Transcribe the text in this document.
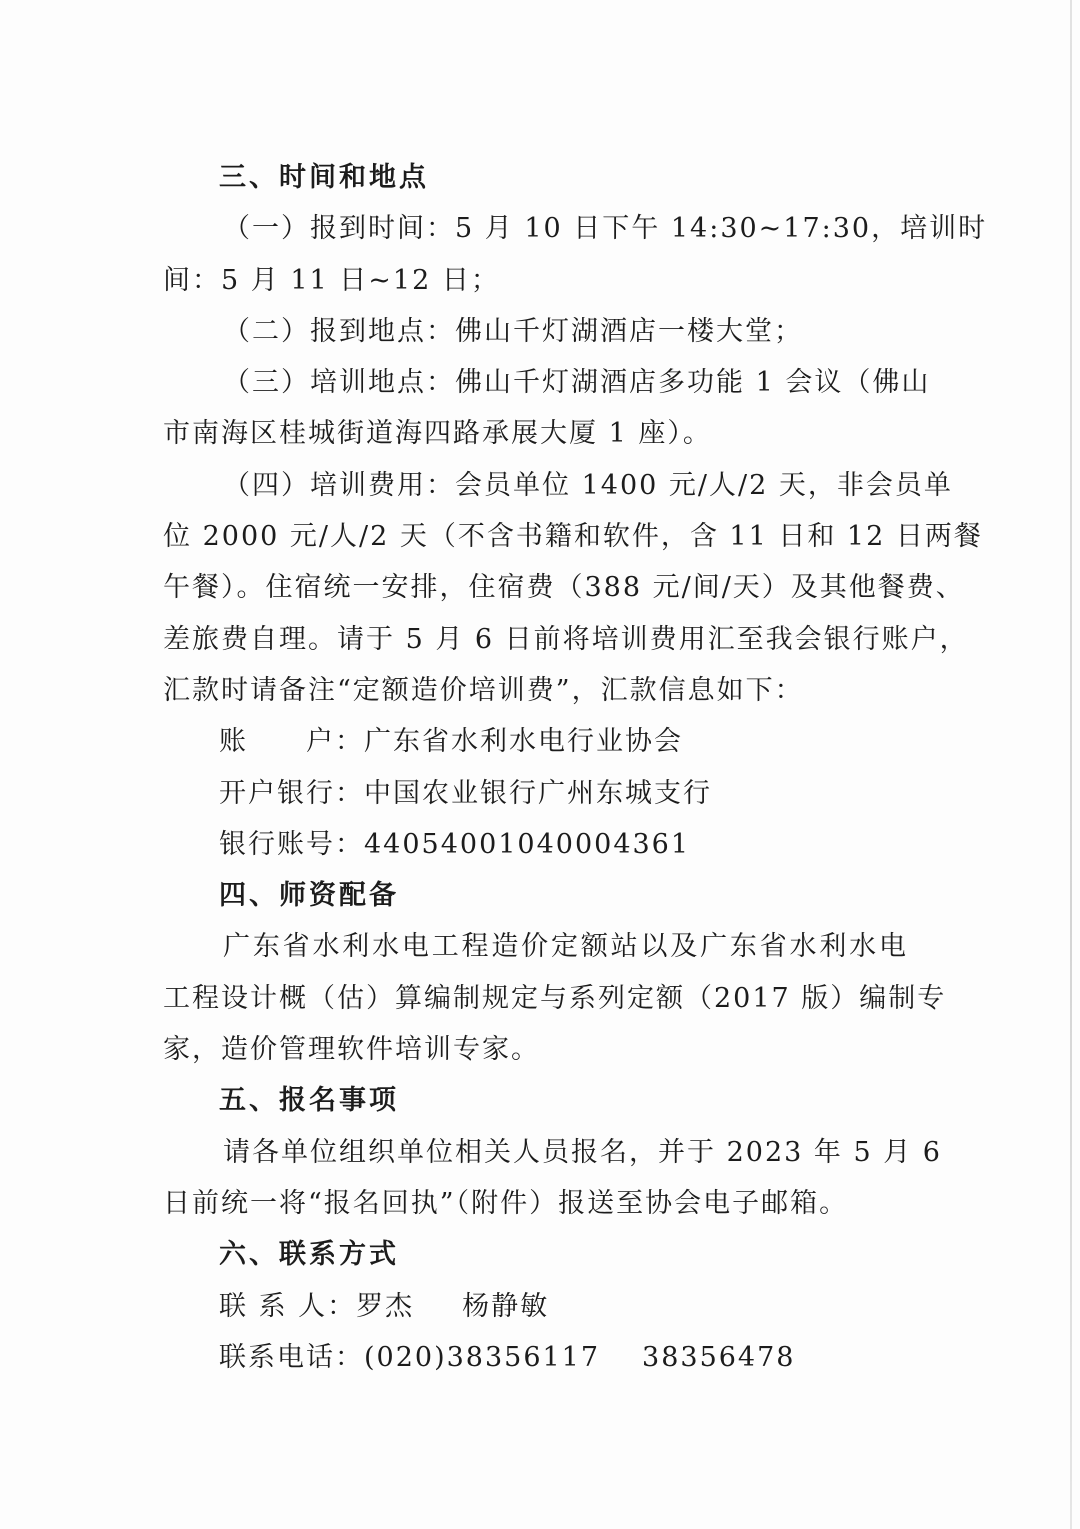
三、时间和地点
（一）报到时间：5 月 10 日下午 14:30~17:30，培训时
间：5 月 11 日~12 日；
（二）报到地点：佛山千灯湖酒店一楼大堂；
（三）培训地点：佛山千灯湖酒店多功能 1 会议（佛山
市南海区桂城街道海四路承展大厦 1 座）。
（四）培训费用：会员单位 1400 元/人/2 天，非会员单
位 2000 元/人/2 天（不含书籍和软件，含 11 日和 12 日两餐
午餐）。住宿统一安排，住宿费（388 元/间/天）及其他餐费、
差旅费自理。请于 5 月 6 日前将培训费用汇至我会银行账户，
汇款时请备注“定额造价培训费”，汇款信息如下：
账　　户：广东省水利水电行业协会
开户银行：中国农业银行广州东城支行
银行账号：44054001040004361
四、师资配备
广东省水利水电工程造价定额站以及广东省水利水电
工程设计概（估）算编制规定与系列定额（2017 版）编制专
家，造价管理软件培训专家。
五、报名事项
请各单位组织单位相关人员报名，并于 2023 年 5 月 6
日前统一将“报名回执”（附件）报送至协会电子邮箱。
六、联系方式
联 系 人：罗杰 杨静敏
联系电话：(020)38356117 38356478
